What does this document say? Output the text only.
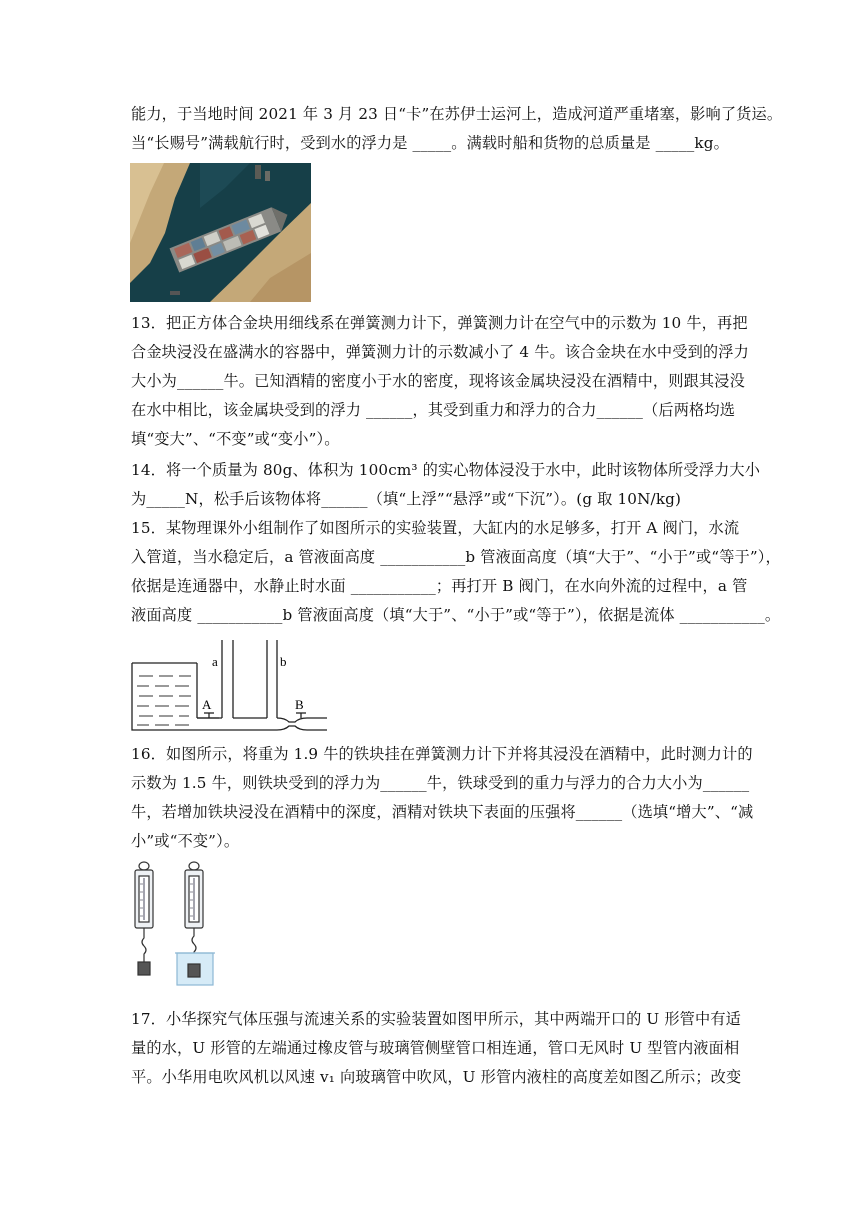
能力，于当地时间 2021 年 3 月 23 日“卡”在苏伊士运河上，造成河道严重堵塞，影响了货运。
当“长赐号”满载航行时，受到水的浮力是 _____。满载时船和货物的总质量是 _____kg。
13．把正方体合金块用细线系在弹簧测力计下，弹簧测力计在空气中的示数为 10 牛，再把
合金块浸没在盛满水的容器中，弹簧测力计的示数减小了 4 牛。该合金块在水中受到的浮力
大小为______牛。已知酒精的密度小于水的密度，现将该金属块浸没在酒精中，则跟其浸没
在水中相比，该金属块受到的浮力 ______，其受到重力和浮力的合力______（后两格均选
填“变大”、“不变”或“变小”）。
14．将一个质量为 80g、体积为 100cm³ 的实心物体浸没于水中，此时该物体所受浮力大小
为_____N，松手后该物体将______（填“上浮”“悬浮”或“下沉”）。(g 取 10N/kg)
15．某物理课外小组制作了如图所示的实验装置，大缸内的水足够多，打开 A 阀门，水流
入管道，当水稳定后，a 管液面高度 ___________b 管液面高度（填“大于”、“小于”或“等于”），
依据是连通器中，水静止时水面 ___________；再打开 B 阀门，在水向外流的过程中，a 管
液面高度 ___________b 管液面高度（填“大于”、“小于”或“等于”），依据是流体 ___________。
a	b
A	B
16．如图所示，将重为 1.9 牛的铁块挂在弹簧测力计下并将其浸没在酒精中，此时测力计的
示数为 1.5 牛，则铁块受到的浮力为______牛，铁球受到的重力与浮力的合力大小为______
牛，若增加铁块浸没在酒精中的深度，酒精对铁块下表面的压强将______（选填“增大”、“减
小”或“不变”）。
17．小华探究气体压强与流速关系的实验装置如图甲所示，其中两端开口的 U 形管中有适
量的水，U 形管的左端通过橡皮管与玻璃管侧壁管口相连通，管口无风时 U 型管内液面相
平。小华用电吹风机以风速 v₁ 向玻璃管中吹风，U 形管内液柱的高度差如图乙所示；改变
